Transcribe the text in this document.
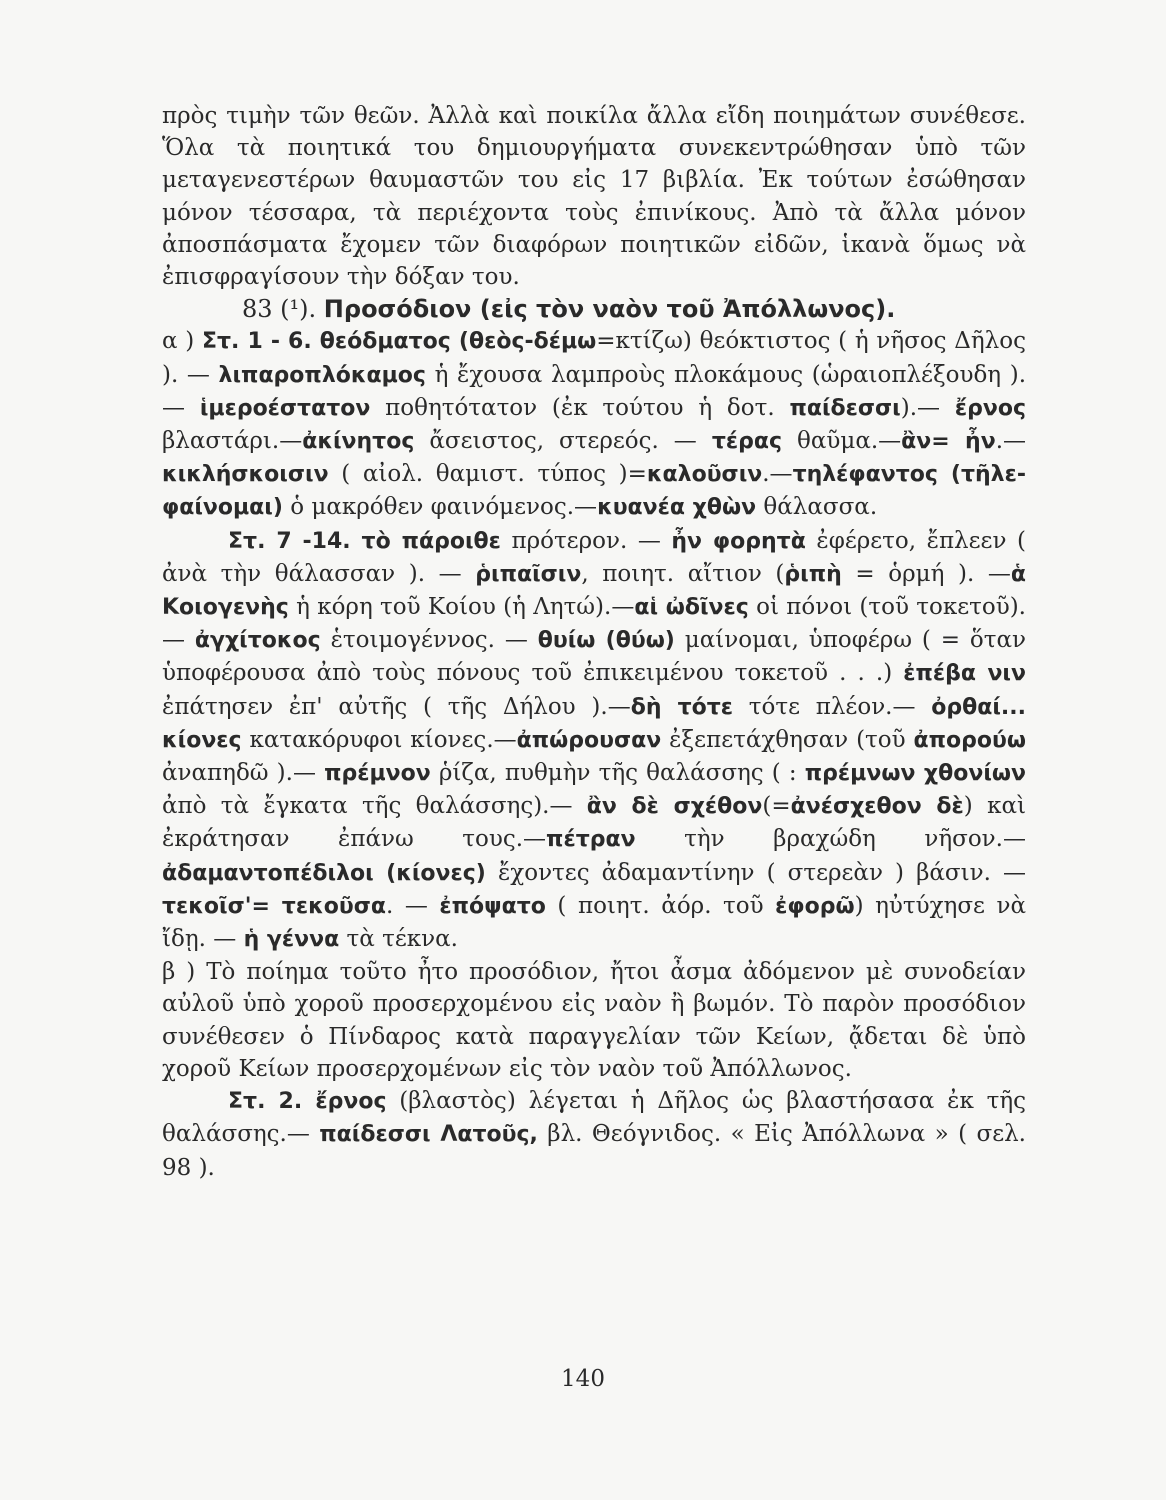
πρὸς τιμὴν τῶν θεῶν. Ἀλλὰ καὶ ποικίλα ἄλλα εἴδη ποιημάτων συνέθεσε. Ὅλα τὰ ποιητικά του δημιουργήματα συνεκεντρώθησαν ὑπὸ τῶν μεταγενεστέρων θαυμαστῶν του εἰς 17 βιβλία. Ἐκ τούτων ἐσώθησαν μόνον τέσσαρα, τὰ περιέχοντα τοὺς ἐπινίκους. Ἀπὸ τὰ ἄλλα μόνον ἀποσπάσματα ἔχομεν τῶν διαφόρων ποιητικῶν εἰδῶν, ἱκανὰ ὅμως νὰ ἐπισφραγίσουν τὴν δόξαν του.

83 (¹). Προσόδιον (εἰς τὸν ναὸν τοῦ Ἀπόλλωνος).

α ) Στ. 1 - 6. θεόδματος (θεὸς-δέμω=κτίζω) θεόκτιστος ( ἡ νῆσος Δῆλος ). — λιπαροπλόκαμος ἡ ἔχουσα λαμπροὺς πλοκάμους (ὡραιοπλέξουδη ). — ἱμεροέστατον ποθητότατον (ἐκ τούτου ἡ δοτ. παίδεσσι).— ἔρνος βλαστάρι.—ἀκίνητος ἄσειστος, στερεός. — τέρας θαῦμα.—ἂν= ἦν.—κικλήσκοισιν ( αἰολ. θαμιστ. τύπος )=καλοῦσιν.—τηλέφαντος (τῆλε-φαίνομαι) ὁ μακρόθεν φαινόμενος.—κυανέα χθὼν θάλασσα.

Στ. 7 -14. τὸ πάροιθε πρότερον. — ἦν φορητὰ ἐφέρετο, ἔπλεεν ( ἀνὰ τὴν θάλασσαν ). — ῥιπαῖσιν, ποιητ. αἴτιον (ῥιπὴ = ὁρμή ). —ἁ Κοιογενὴς ἡ κόρη τοῦ Κοίου (ἡ Λητώ).—αἱ ὠδῖνες οἱ πόνοι (τοῦ τοκετοῦ). — ἀγχίτοκος ἑτοιμογέννος. — θυίω (θύω) μαίνομαι, ὑποφέρω ( = ὅταν ὑποφέρουσα ἀπὸ τοὺς πόνους τοῦ ἐπικειμένου τοκετοῦ . . .) ἐπέβα νιν ἐπάτησεν ἐπ' αὐτῆς ( τῆς Δήλου ).—δὴ τότε τότε πλέον.— ὀρθαί... κίονες κατακόρυφοι κίονες.—ἀπώρουσαν ἐξεπετάχθησαν (τοῦ ἀπορούω ἀναπηδῶ ).— πρέμνον ῥίζα, πυθμὴν τῆς θαλάσσης ( : πρέμνων χθονίων ἀπὸ τὰ ἔγκατα τῆς θαλάσσης).— ἂν δὲ σχέθον(=ἀνέσχεθον δὲ) καὶ ἐκράτησαν ἐπάνω τους.—πέτραν τὴν βραχώδη νῆσον.— ἀδαμαντοπέδιλοι (κίονες) ἔχοντες ἀδαμαντίνην ( στερεὰν ) βάσιν. — τεκοῖσ'= τεκοῦσα. — ἐπόψατο ( ποιητ. ἀόρ. τοῦ ἐφορῶ) ηὐτύχησε νὰ ἴδῃ. — ἡ γέννα τὰ τέκνα.

β ) Τὸ ποίημα τοῦτο ἦτο προσόδιον, ἤτοι ἆσμα ἀδόμενον μὲ συνοδείαν αὐλοῦ ὑπὸ χοροῦ προσερχομένου εἰς ναὸν ἢ βωμόν. Τὸ παρὸν προσόδιον συνέθεσεν ὁ Πίνδαρος κατὰ παραγγελίαν τῶν Κείων, ᾄδεται δὲ ὑπὸ χοροῦ Κείων προσερχομένων εἰς τὸν ναὸν τοῦ Ἀπόλλωνος.

Στ. 2. ἔρνος (βλαστὸς) λέγεται ἡ Δῆλος ὡς βλαστήσασα ἐκ τῆς θαλάσσης.— παίδεσσι Λατοῦς, βλ. Θεόγνιδος. « Εἰς Ἀπόλλωνα » ( σελ. 98 ).

140
